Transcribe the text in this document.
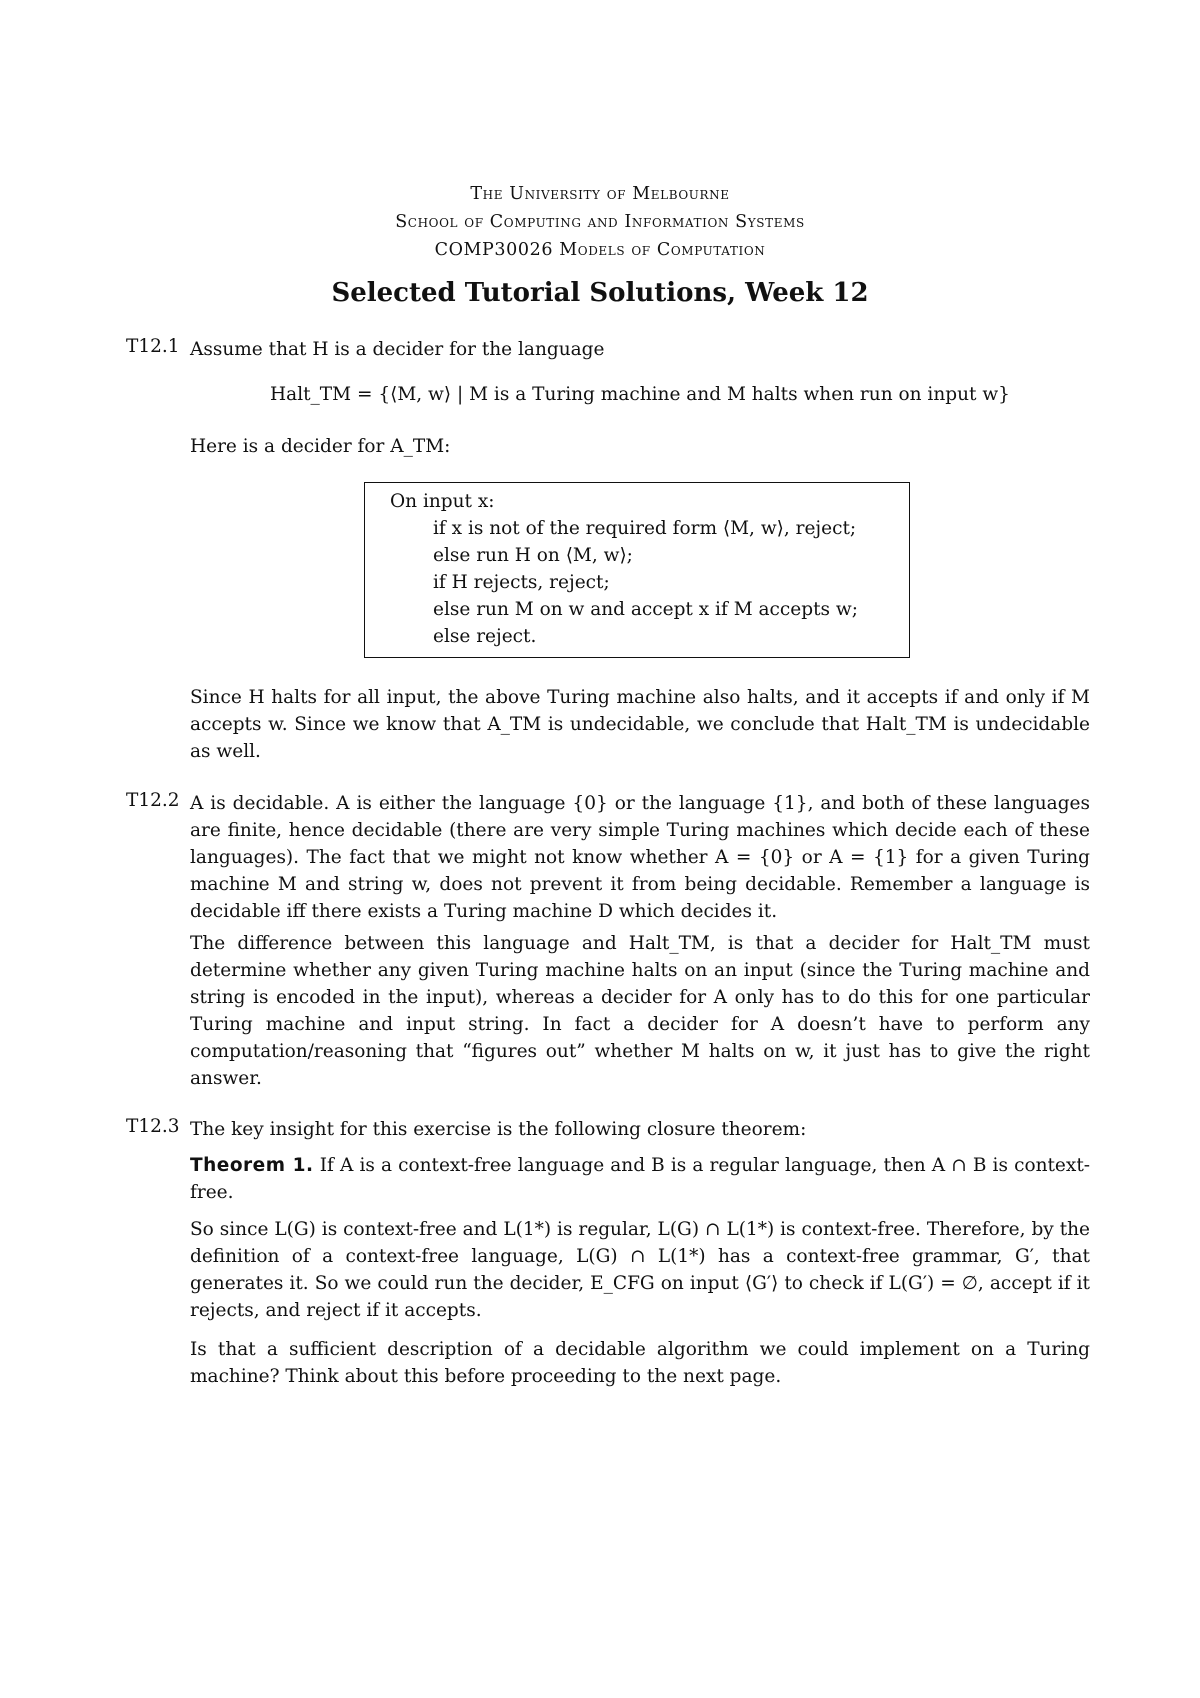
The University of Melbourne
School of Computing and Information Systems
COMP30026 Models of Computation
Selected Tutorial Solutions, Week 12
T12.1 Assume that H is a decider for the language
Halt_TM = {⟨M, w⟩ | M is a Turing machine and M halts when run on input w}
Here is a decider for A_TM:
On input x:
if x is not of the required form ⟨M, w⟩, reject;
else run H on ⟨M, w⟩;
if H rejects, reject;
else run M on w and accept x if M accepts w;
else reject.
Since H halts for all input, the above Turing machine also halts, and it accepts if and only if M accepts w. Since we know that A_TM is undecidable, we conclude that Halt_TM is undecidable as well.
T12.2 A is decidable. A is either the language {0} or the language {1}, and both of these languages are finite, hence decidable (there are very simple Turing machines which decide each of these languages). The fact that we might not know whether A = {0} or A = {1} for a given Turing machine M and string w, does not prevent it from being decidable. Remember a language is decidable iff there exists a Turing machine D which decides it.
The difference between this language and Halt_TM, is that a decider for Halt_TM must determine whether any given Turing machine halts on an input (since the Turing machine and string is encoded in the input), whereas a decider for A only has to do this for one particular Turing machine and input string. In fact a decider for A doesn’t have to perform any computation/reasoning that “figures out” whether M halts on w, it just has to give the right answer.
T12.3 The key insight for this exercise is the following closure theorem:
Theorem 1. If A is a context-free language and B is a regular language, then A ∩ B is context-free.
So since L(G) is context-free and L(1*) is regular, L(G) ∩ L(1*) is context-free. Therefore, by the definition of a context-free language, L(G) ∩ L(1*) has a context-free grammar, G′, that generates it. So we could run the decider, E_CFG on input ⟨G′⟩ to check if L(G′) = ∅, accept if it rejects, and reject if it accepts.
Is that a sufficient description of a decidable algorithm we could implement on a Turing machine? Think about this before proceeding to the next page.
